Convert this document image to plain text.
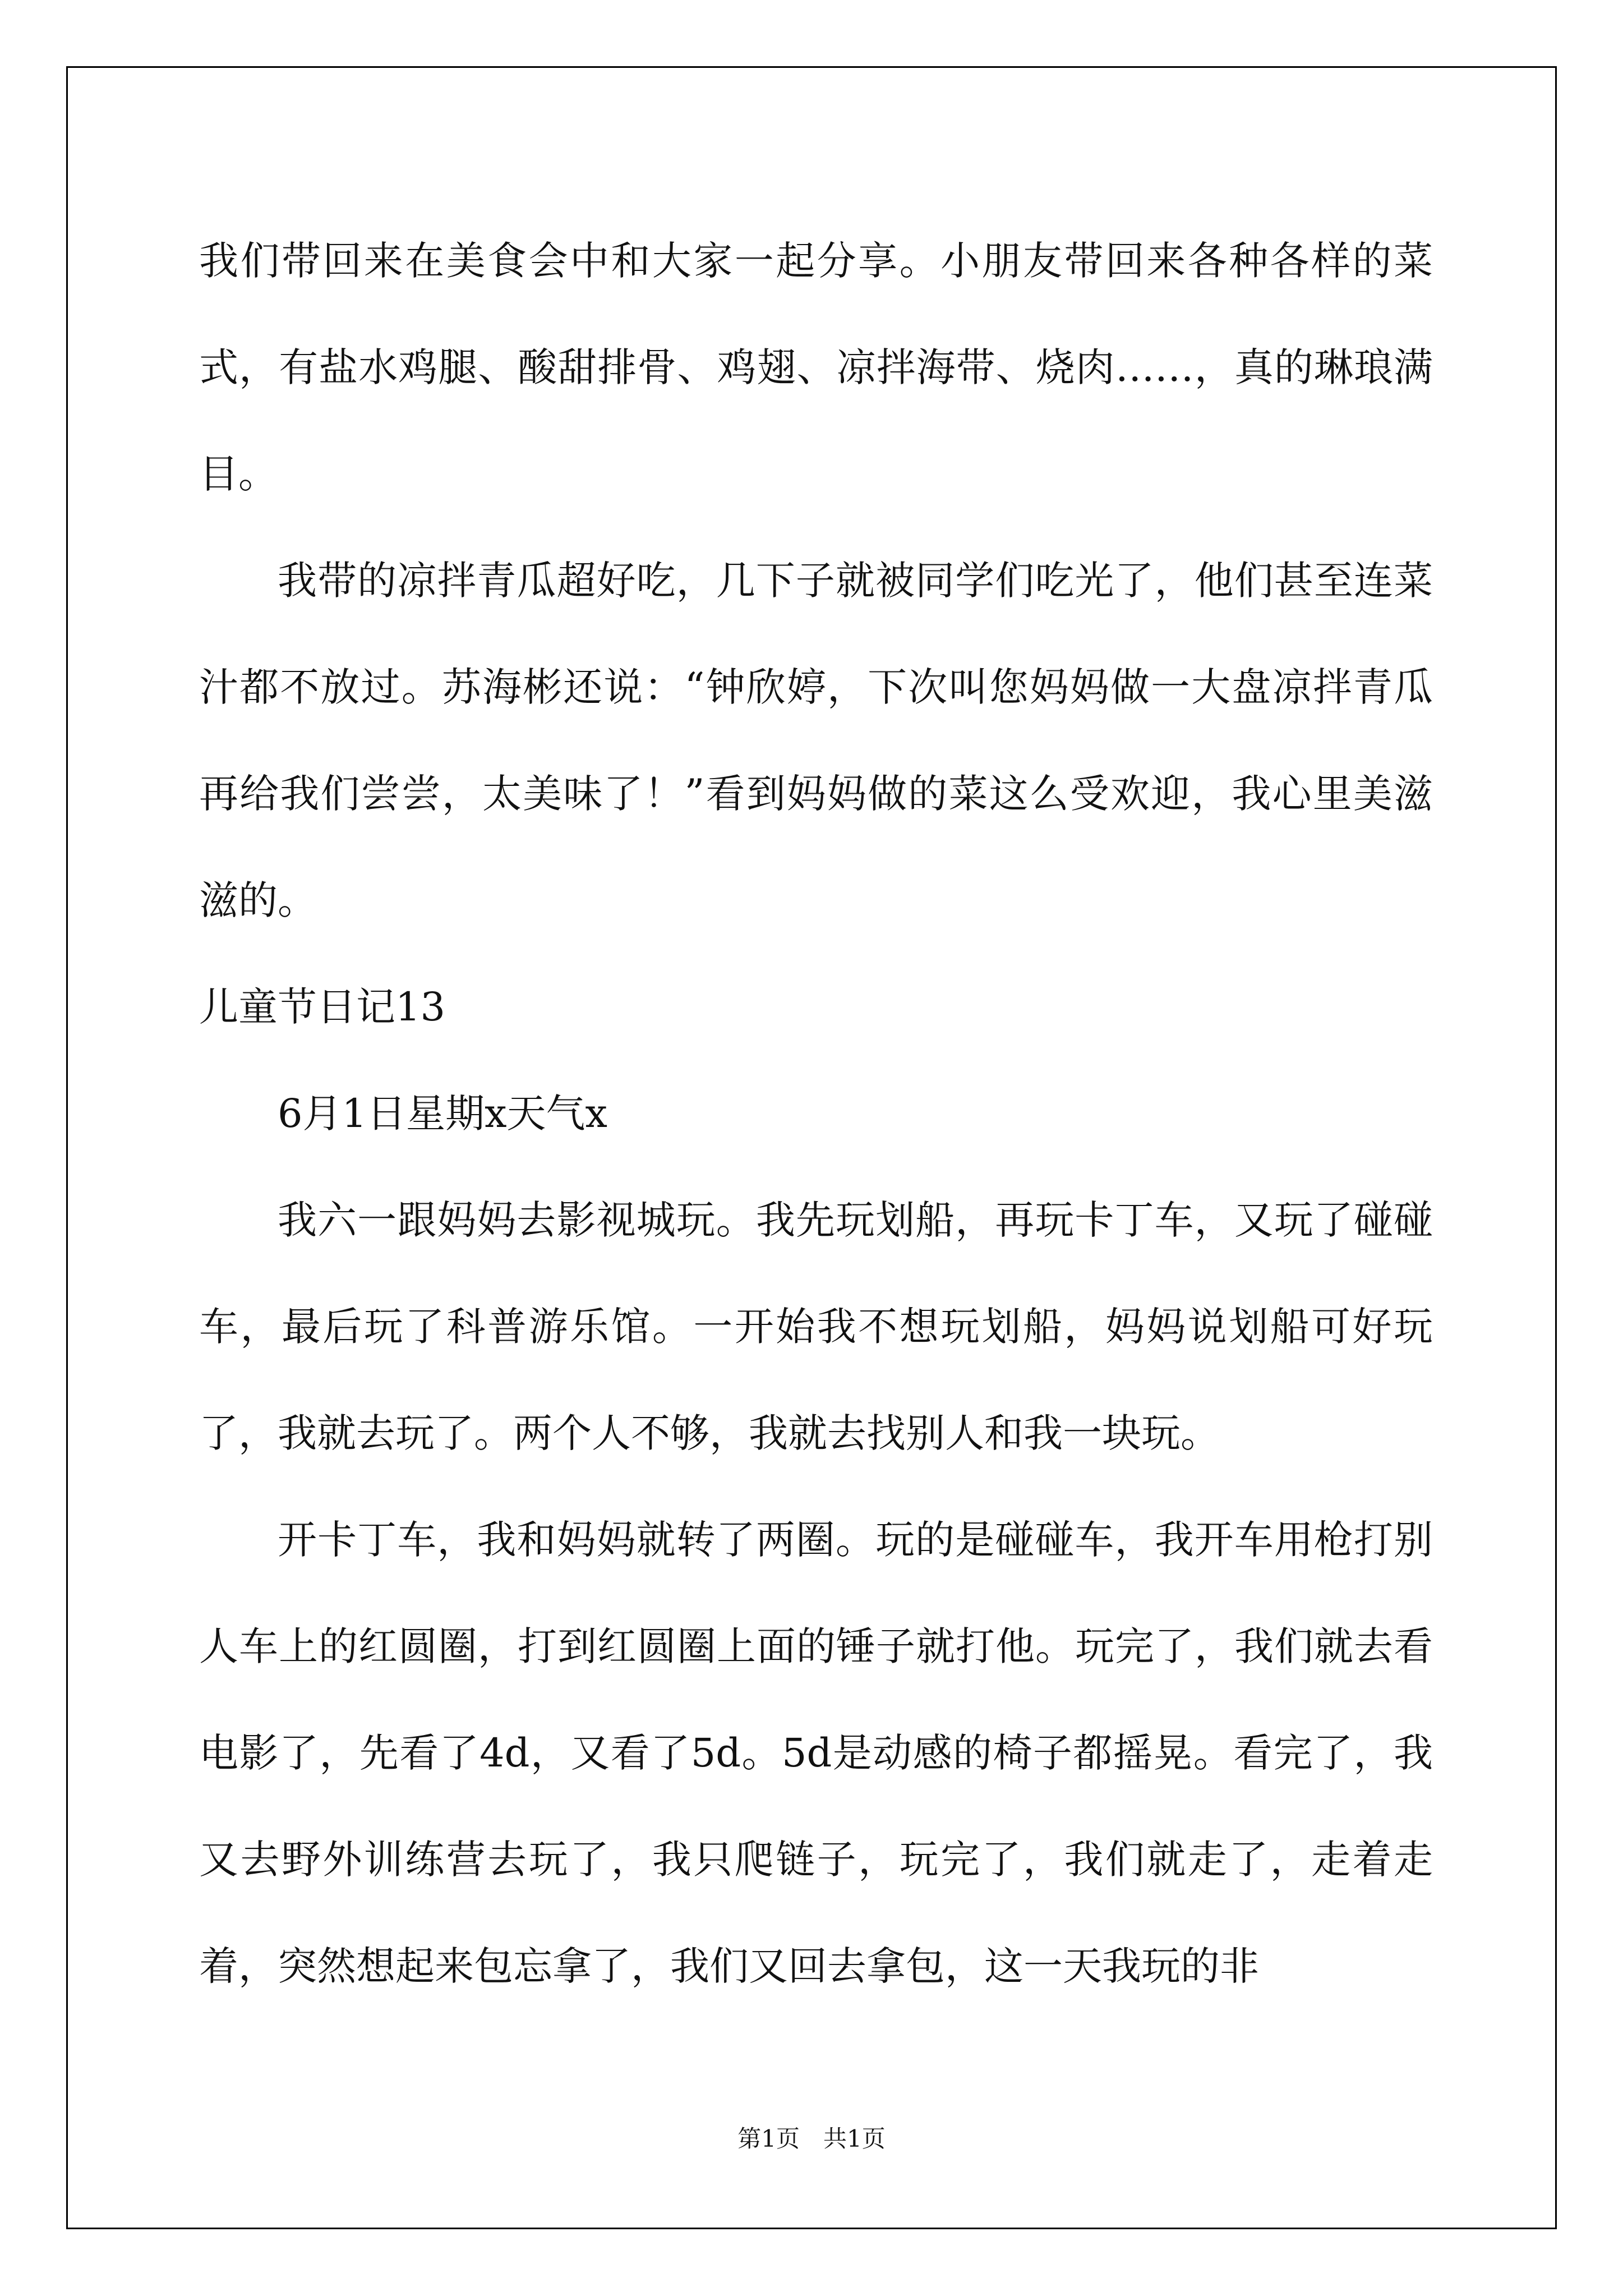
我们带回来在美食会中和大家一起分享。小朋友带回来各种各样的菜式，有盐水鸡腿、酸甜排骨、鸡翅、凉拌海带、烧肉……，真的琳琅满目。

我带的凉拌青瓜超好吃，几下子就被同学们吃光了，他们甚至连菜汁都不放过。苏海彬还说：“钟欣婷，下次叫您妈妈做一大盘凉拌青瓜再给我们尝尝，太美味了！”看到妈妈做的菜这么受欢迎，我心里美滋滋的。

儿童节日记13

6月1日星期x天气x

我六一跟妈妈去影视城玩。我先玩划船，再玩卡丁车，又玩了碰碰车，最后玩了科普游乐馆。一开始我不想玩划船，妈妈说划船可好玩了，我就去玩了。两个人不够，我就去找别人和我一块玩。

开卡丁车，我和妈妈就转了两圈。玩的是碰碰车，我开车用枪打别人车上的红圆圈，打到红圆圈上面的锤子就打他。玩完了，我们就去看电影了，先看了4d，又看了5d。5d是动感的椅子都摇晃。看完了，我又去野外训练营去玩了，我只爬链子，玩完了，我们就走了，走着走着，突然想起来包忘拿了，我们又回去拿包，这一天我玩的非

第1页　共1页
